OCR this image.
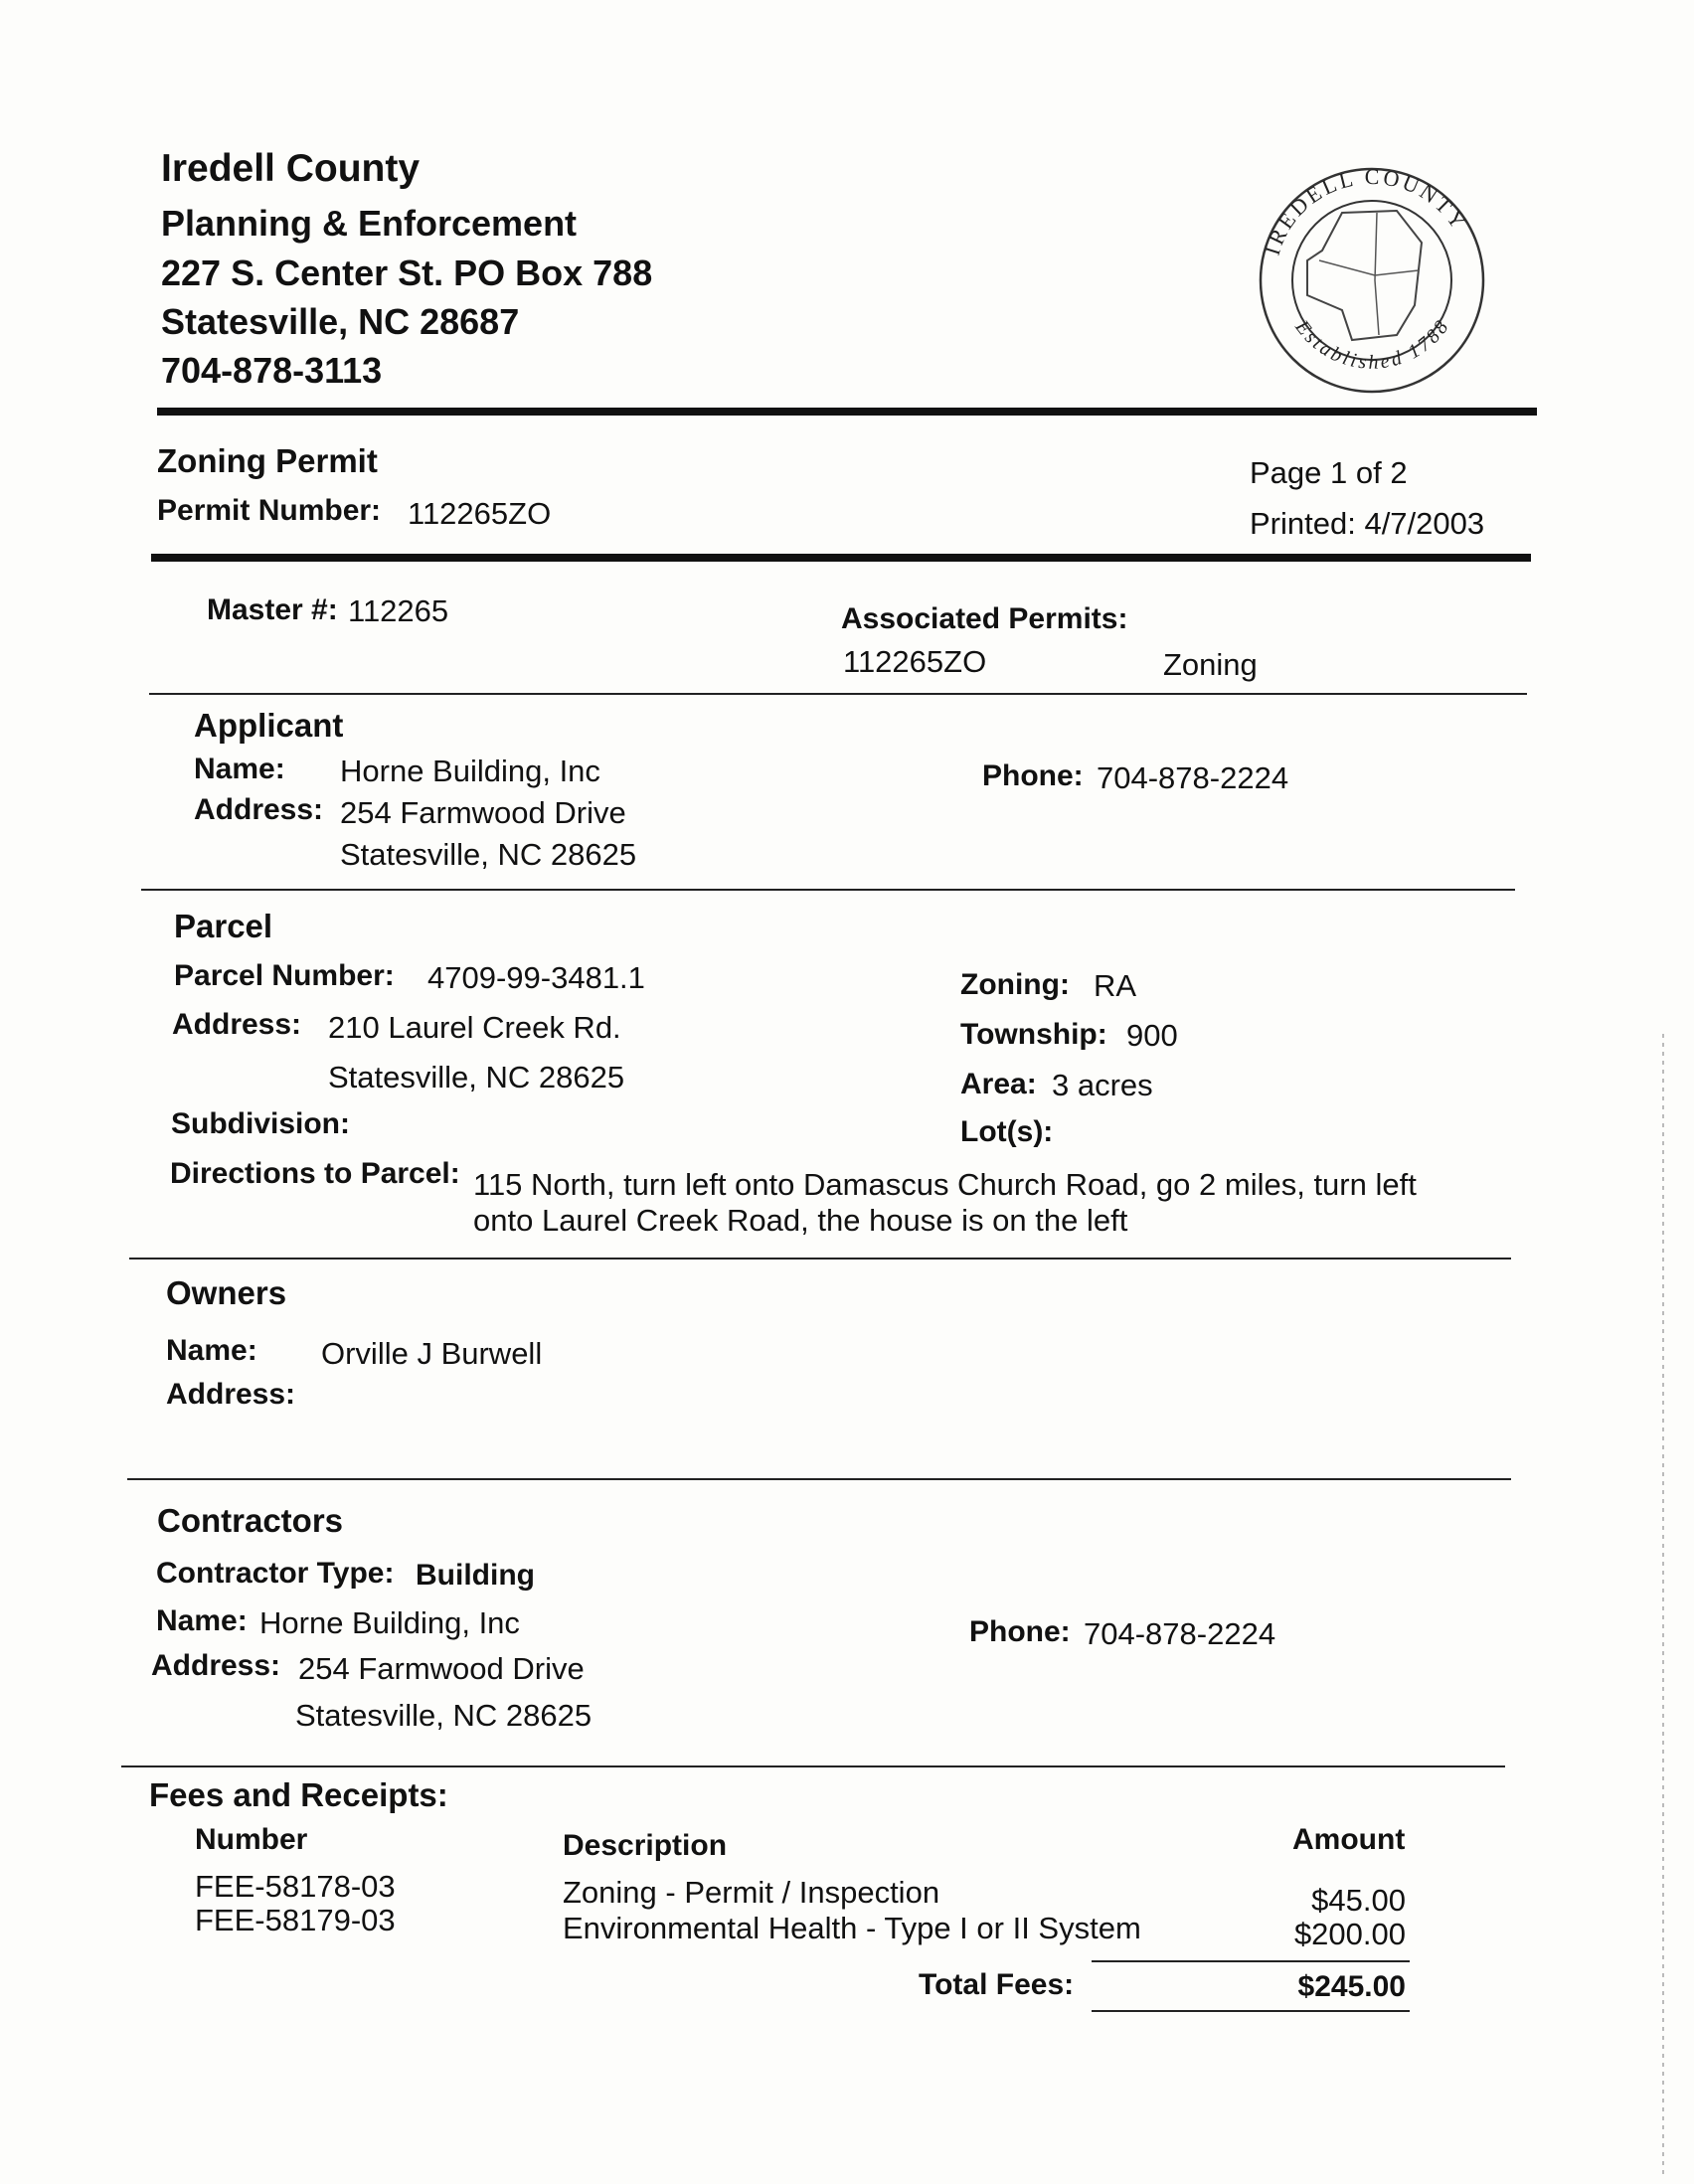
Iredell County
Planning & Enforcement
227 S. Center St. PO Box 788
Statesville, NC 28687
704-878-3113
IREDELL COUNTY
Established 1788
Zoning Permit
Permit Number: 112265ZO
Page 1 of 2
Printed: 4/7/2003
Master #: 112265	Associated Permits:
112265ZO	Zoning
Applicant
Name: Horne Building, Inc
Address: 254 Farmwood Drive
Statesville, NC 28625
Phone: 704-878-2224
Parcel
Parcel Number: 4709-99-3481.1
Address: 210 Laurel Creek Rd.
Statesville, NC 28625
Subdivision:
Zoning: RA
Township: 900
Area: 3 acres
Lot(s):
Directions to Parcel: 115 North, turn left onto Damascus Church Road, go 2 miles, turn left
onto Laurel Creek Road, the house is on the left
Owners
Name: Orville J Burwell
Address:
Contractors
Contractor Type: Building
Name: Horne Building, Inc
Address: 254 Farmwood Drive
Statesville, NC 28625
Phone: 704-878-2224
Fees and Receipts:
Number	Description	Amount
FEE-58178-03	Zoning - Permit / Inspection	$45.00
FEE-58179-03	Environmental Health - Type I or II System	$200.00
Total Fees:	$245.00
